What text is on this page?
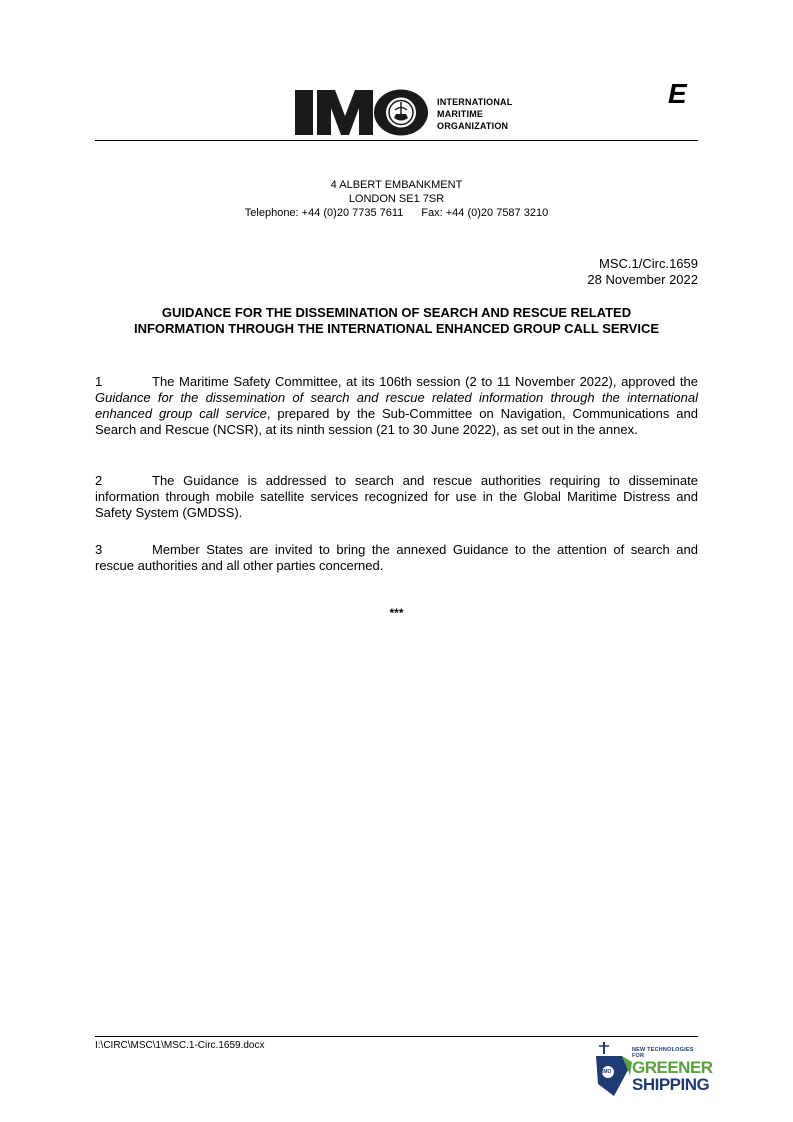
INTERNATIONAL
MARITIME
ORGANIZATION
E
4 ALBERT EMBANKMENT
LONDON SE1 7SR
Telephone: +44 (0)20 7735 7611 Fax: +44 (0)20 7587 3210
MSC.1/Circ.1659
28 November 2022
GUIDANCE FOR THE DISSEMINATION OF SEARCH AND RESCUE RELATED
INFORMATION THROUGH THE INTERNATIONAL ENHANCED GROUP CALL SERVICE
1	The Maritime Safety Committee, at its 106th session (2 to 11 November 2022), approved the Guidance for the dissemination of search and rescue related information through the international enhanced group call service, prepared by the Sub-Committee on Navigation, Communications and Search and Rescue (NCSR), at its ninth session (21 to 30 June 2022), as set out in the annex.
2	The Guidance is addressed to search and rescue authorities requiring to disseminate information through mobile satellite services recognized for use in the Global Maritime Distress and Safety System (GMDSS).
3	Member States are invited to bring the annexed Guidance to the attention of search and rescue authorities and all other parties concerned.
***
I:\CIRC\MSC\1\MSC.1-Circ.1659.docx
IMO
NEW TECHNOLOGIES FOR
GREENER
SHIPPING
